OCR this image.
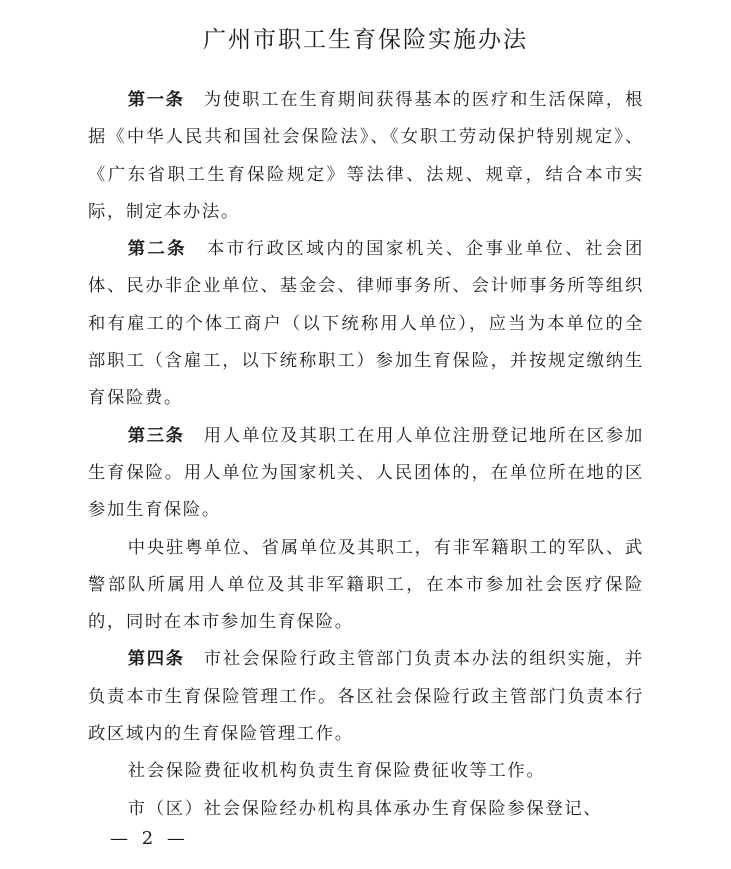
广州市职工生育保险实施办法

第一条　 为使职工在生育期间获得基本的医疗和生活保障，根据《中华人民共和国社会保险法》、《女职工劳动保护特别规定》、《广东省职工生育保险规定》等法律、法规、规章，结合本市实际，制定本办法。

第二条　 本市行政区域内的国家机关、企事业单位、社会团体、民办非企业单位、基金会、律师事务所、会计师事务所等组织和有雇工的个体工商户（以下统称用人单位），应当为本单位的全部职工（含雇工，以下统称职工）参加生育保险，并按规定缴纳生育保险费。

第三条　 用人单位及其职工在用人单位注册登记地所在区参加生育保险。用人单位为国家机关、人民团体的，在单位所在地的区参加生育保险。

中央驻粤单位、省属单位及其职工，有非军籍职工的军队、武警部队所属用人单位及其非军籍职工，在本市参加社会医疗保险的，同时在本市参加生育保险。

第四条　 市社会保险行政主管部门负责本办法的组织实施，并负责本市生育保险管理工作。各区社会保险行政主管部门负责本行政区域内的生育保险管理工作。

社会保险费征收机构负责生育保险费征收等工作。

市（区）社会保险经办机构具体承办生育保险参保登记、

— 2 —
